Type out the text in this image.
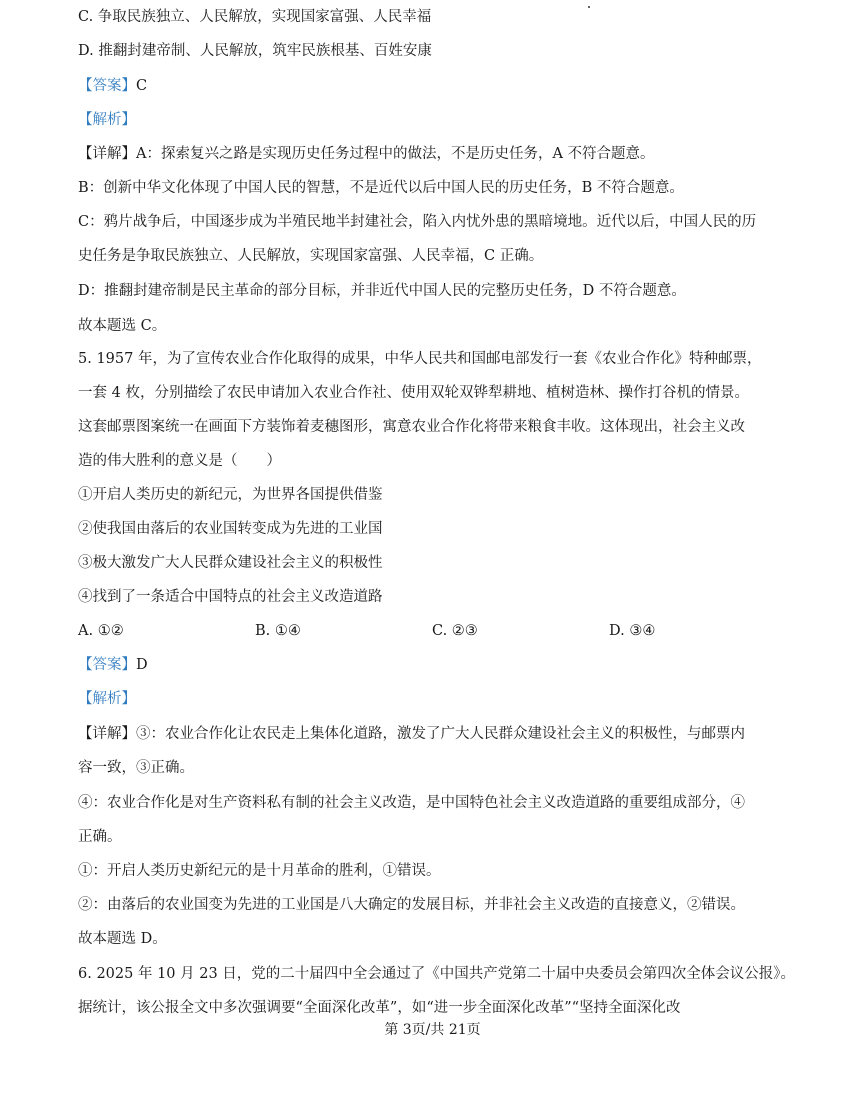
C. 争取民族独立、人民解放，实现国家富强、人民幸福
D. 推翻封建帝制、人民解放，筑牢民族根基、百姓安康
【答案】C
【解析】
【详解】A：探索复兴之路是实现历史任务过程中的做法，不是历史任务，A 不符合题意。
B：创新中华文化体现了中国人民的智慧，不是近代以后中国人民的历史任务，B 不符合题意。
C：鸦片战争后，中国逐步成为半殖民地半封建社会，陷入内忧外患的黑暗境地。近代以后，中国人民的历
史任务是争取民族独立、人民解放，实现国家富强、人民幸福，C 正确。
D：推翻封建帝制是民主革命的部分目标，并非近代中国人民的完整历史任务，D 不符合题意。
故本题选 C。
5. 1957 年，为了宣传农业合作化取得的成果，中华人民共和国邮电部发行一套《农业合作化》特种邮票，
一套 4 枚，分别描绘了农民申请加入农业合作社、使用双轮双铧犁耕地、植树造林、操作打谷机的情景。
这套邮票图案统一在画面下方装饰着麦穗图形，寓意农业合作化将带来粮食丰收。这体现出，社会主义改
造的伟大胜利的意义是（　　）
①开启人类历史的新纪元，为世界各国提供借鉴
②使我国由落后的农业国转变成为先进的工业国
③极大激发广大人民群众建设社会主义的积极性
④找到了一条适合中国特点的社会主义改造道路
A. ①②	B. ①④	C. ②③	D. ③④
【答案】D
【解析】
【详解】③：农业合作化让农民走上集体化道路，激发了广大人民群众建设社会主义的积极性，与邮票内
容一致，③正确。
④：农业合作化是对生产资料私有制的社会主义改造，是中国特色社会主义改造道路的重要组成部分，④
正确。
①：开启人类历史新纪元的是十月革命的胜利，①错误。
②：由落后的农业国变为先进的工业国是八大确定的发展目标，并非社会主义改造的直接意义，②错误。
故本题选 D。
6. 2025 年 10 月 23 日，党的二十届四中全会通过了《中国共产党第二十届中央委员会第四次全体会议公报》。
据统计，该公报全文中多次强调要“全面深化改革”，如“进一步全面深化改革”“坚持全面深化改
第 3页/共 21页
